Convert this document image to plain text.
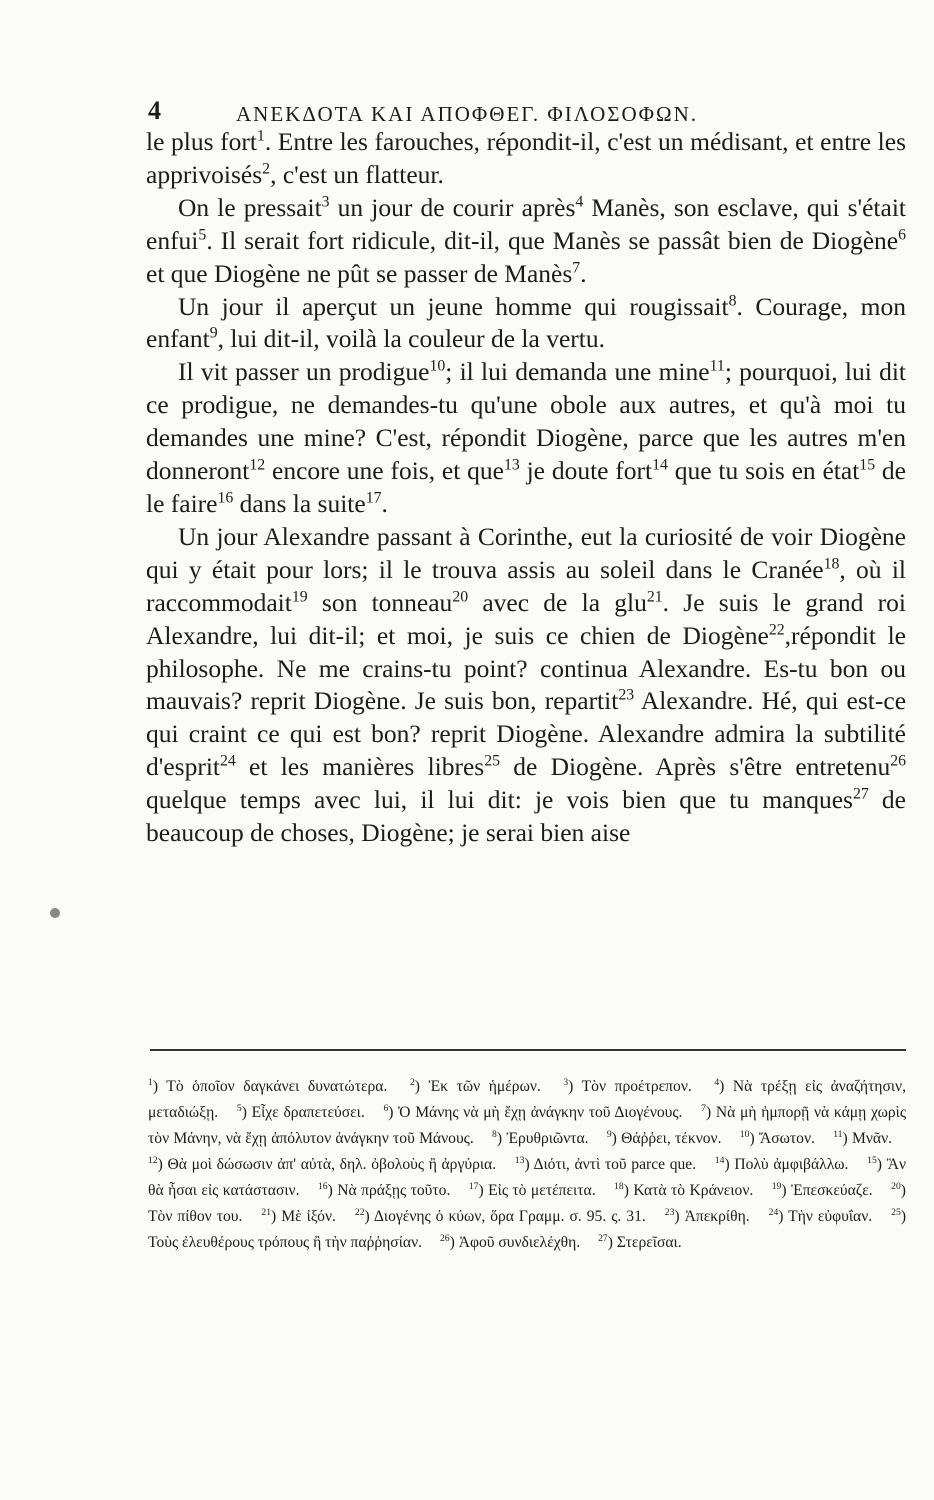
4	ΑΝΕΚΔΟΤΑ ΚΑΙ ΑΠΟΦΘΕΓ. ΦΙΛΟΣΟΦΩΝ.

le plus fort$^1$. Entre les farouches, répondit-il, c'est un médisant, et entre les apprivoisés$^2$, c'est un flatteur.

On le pressait$^3$ un jour de courir après$^4$ Manès, son esclave, qui s'était enfui$^5$. Il serait fort ridicule, dit-il, que Manès se passât bien de Diogène$^6$ et que Diogène ne pût se passer de Manès$^7$.

Un jour il aperçut un jeune homme qui rougissait$^8$. Courage, mon enfant$^9$, lui dit-il, voilà la couleur de la vertu.

Il vit passer un prodigue$^{10}$; il lui demanda une mine$^{11}$; pourquoi, lui dit ce prodigue, ne demandes-tu qu'une obole aux autres, et qu'à moi tu demandes une mine? C'est, répondit Diogène, parce que les autres m'en donneront$^{12}$ encore une fois, et que$^{13}$ je doute fort$^{14}$ que tu sois en état$^{15}$ de le faire$^{16}$ dans la suite$^{17}$.

Un jour Alexandre passant à Corinthe, eut la curiosité de voir Diogène qui y était pour lors; il le trouva assis au soleil dans le Cranée$^{18}$, où il raccommodait$^{19}$ son tonneau$^{20}$ avec de la glu$^{21}$. Je suis le grand roi Alexandre, lui dit-il; et moi, je suis ce chien de Diogène$^{22}$,répondit le philosophe. Ne me crains-tu point? continua Alexandre. Es-tu bon ou mauvais? reprit Diogène. Je suis bon, repartit$^{23}$ Alexandre. Hé, qui est-ce qui craint ce qui est bon? reprit Diogène. Alexandre admira la subtilité d'esprit$^{24}$ et les manières libres$^{25}$ de Diogène. Après s'être entretenu$^{26}$ quelque temps avec lui, il lui dit: je vois bien que tu manques$^{27}$ de beaucoup de choses, Diogène; je serai bien aise

$^1$) Τὸ ὁποῖον δαγκάνει δυνατώτερα. $^2$) Ἐκ τῶν ἡμέρων. $^3$) Τὸν προέτρεπον. $^4$) Νὰ τρέξῃ εἰς ἀναζήτησιν, μεταδιώξῃ. $^5$) Εἶχε δραπετεύσει. $^6$) Ὁ Μάνης νὰ μὴ ἔχῃ ἀνάγκην τοῦ Διογένους. $^7$) Νὰ μὴ ἠμπορῇ νὰ κάμῃ χωρὶς τὸν Μάνην, νὰ ἔχῃ ἀπόλυτον ἀνάγκην τοῦ Μάνους. $^8$) Ἐρυθριῶντα. $^9$) Θάῤῥει, τέκνον. $^{10}$) Ἄσωτον. $^{11}$) Μνᾶν. $^{12}$) Θὰ μοὶ δώσωσιν ἀπ' αὐτὰ, δηλ. ὀβολοὺς ἢ ἀργύρια. $^{13}$) Διότι, ἀντὶ τοῦ parce que. $^{14}$) Πολὺ ἀμφιβάλλω. $^{15}$) Ἂν θὰ ἦσαι εἰς κατάστασιν. $^{16}$) Νὰ πράξῃς τοῦτο. $^{17}$) Εἰς τὸ μετέπειτα. $^{18}$) Κατὰ τὸ Κράνειον. $^{19}$) Ἐπεσκεύαζε. $^{20}$) Τὸν πίθον του. $^{21}$) Μὲ ἰξόν. $^{22}$) Διογένης ὁ κύων, ὅρα Γραμμ. σ. 95. ς. 31. $^{23}$) Ἀπεκρίθη. $^{24}$) Τὴν εὐφυΐαν. $^{25}$) Τοὺς ἐλευθέρους τρόπους ἢ τὴν παῤῥησίαν. $^{26}$) Ἀφοῦ συνδιελέχθη. $^{27}$) Στερεῖσαι.
